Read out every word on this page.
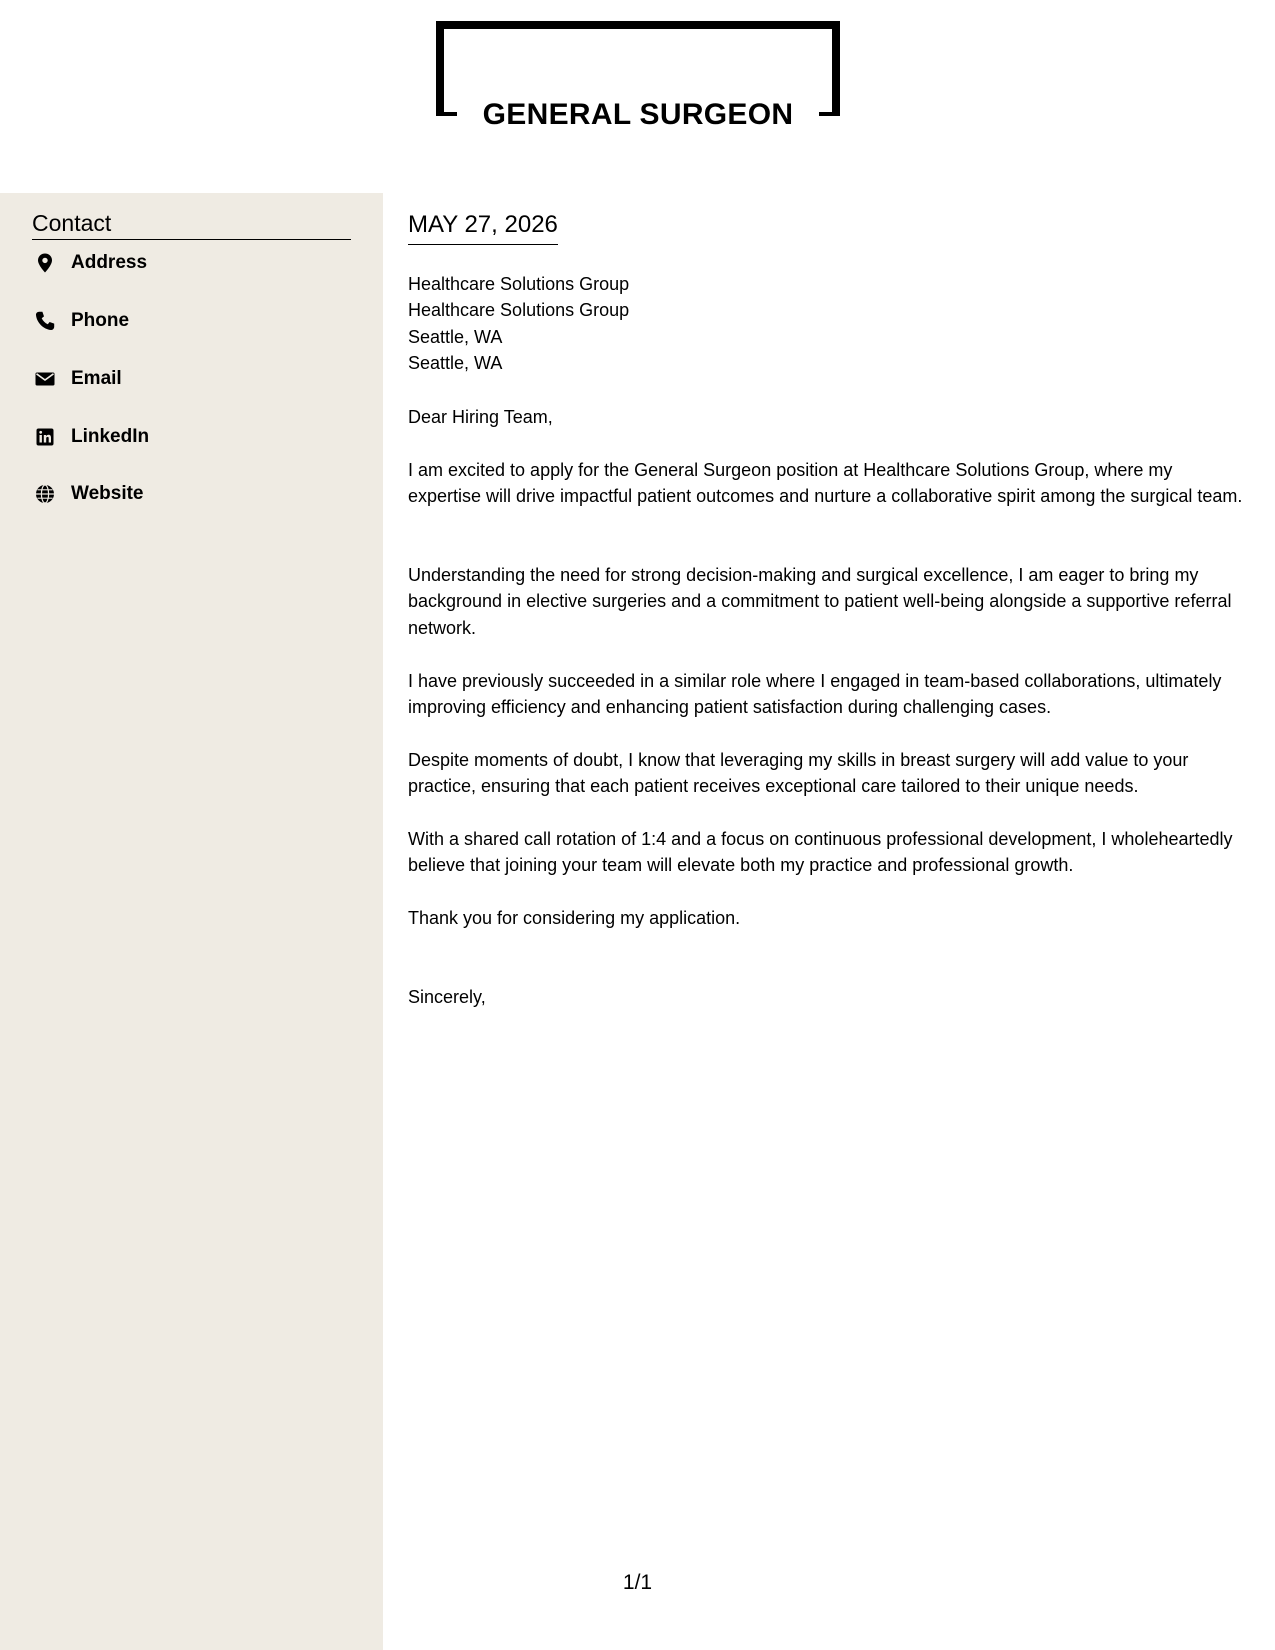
GENERAL SURGEON
Contact
Address
Phone
Email
LinkedIn
Website
MAY 27, 2026
Healthcare Solutions Group
Healthcare Solutions Group
Seattle, WA
Seattle, WA

Dear Hiring Team,

I am excited to apply for the General Surgeon position at Healthcare Solutions Group, where my expertise will drive impactful patient outcomes and nurture a collaborative spirit among the surgical team.

Understanding the need for strong decision-making and surgical excellence, I am eager to bring my background in elective surgeries and a commitment to patient well-being alongside a supportive referral network.

I have previously succeeded in a similar role where I engaged in team-based collaborations, ultimately improving efficiency and enhancing patient satisfaction during challenging cases.

Despite moments of doubt, I know that leveraging my skills in breast surgery will add value to your practice, ensuring that each patient receives exceptional care tailored to their unique needs.

With a shared call rotation of 1:4 and a focus on continuous professional development, I wholeheartedly believe that joining your team will elevate both my practice and professional growth.

Thank you for considering my application.

Sincerely,

1/1
